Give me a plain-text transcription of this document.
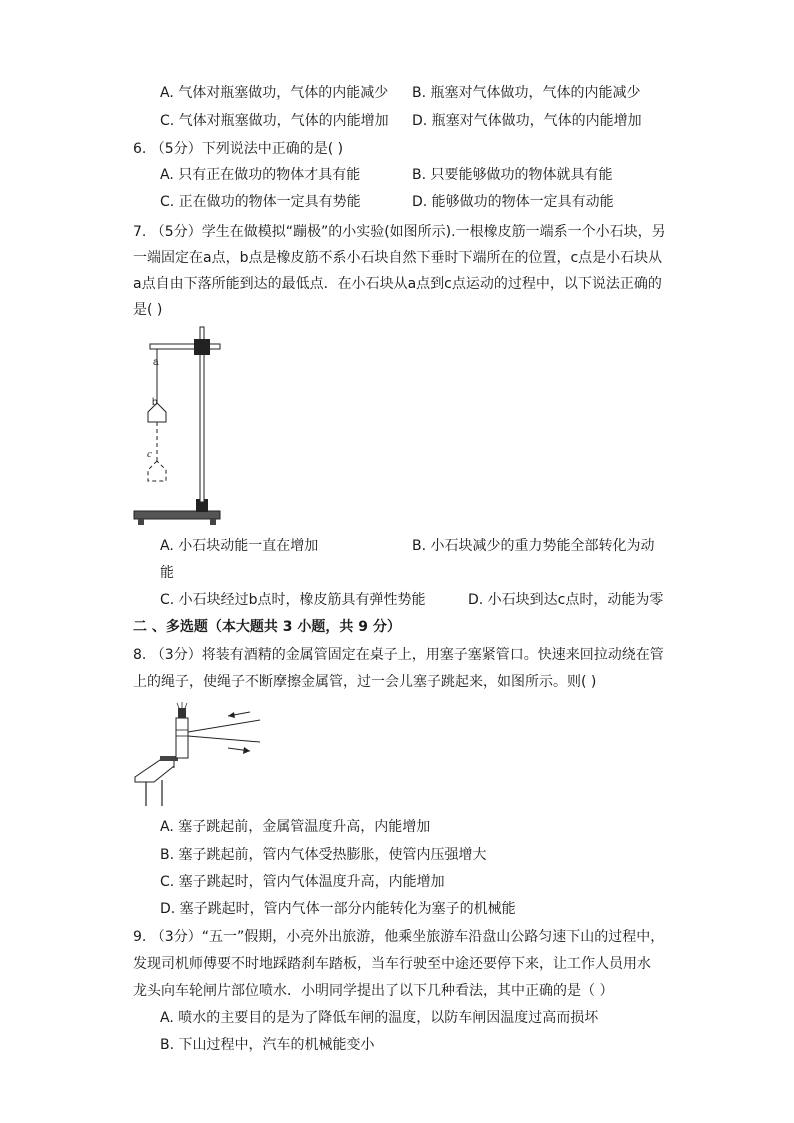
A. 气体对瓶塞做功，气体的内能减少 B. 瓶塞对气体做功，气体的内能减少
C. 气体对瓶塞做功，气体的内能增加 D. 瓶塞对气体做功，气体的内能增加
6. （5分）下列说法中正确的是( )
A. 只有正在做功的物体才具有能	B. 只要能够做功的物体就具有能
C. 正在做功的物体一定具有势能	D. 能够做功的物体一定具有动能
7. （5分）学生在做模拟“蹦极”的小实验(如图所示).一根橡皮筋一端系一个小石块，另
一端固定在a点，b点是橡皮筋不系小石块自然下垂时下端所在的位置，c点是小石块从
a点自由下落所能到达的最低点．在小石块从a点到c点运动的过程中，以下说法正确的
是( )
a
b
c
A. 小石块动能一直在增加	B. 小石块减少的重力势能全部转化为动
能
C. 小石块经过b点时，橡皮筋具有弹性势能	D. 小石块到达c点时，动能为零
二 、多选题（本大题共 3 小题，共 9 分）
8. （3分）将装有酒精的金属管固定在桌子上，用塞子塞紧管口。快速来回拉动绕在管
上的绳子，使绳子不断摩擦金属管，过一会儿塞子跳起来，如图所示。则( )
A. 塞子跳起前，金属管温度升高，内能增加
B. 塞子跳起前，管内气体受热膨胀，使管内压强增大
C. 塞子跳起时，管内气体温度升高，内能增加
D. 塞子跳起时，管内气体一部分内能转化为塞子的机械能
9. （3分）“五一”假期，小亮外出旅游，他乘坐旅游车沿盘山公路匀速下山的过程中，
发现司机师傅要不时地踩踏刹车踏板，当车行驶至中途还要停下来，让工作人员用水
龙头向车轮闸片部位喷水．小明同学提出了以下几种看法，其中正确的是（ ）
A. 喷水的主要目的是为了降低车闸的温度，以防车闸因温度过高而损坏
B. 下山过程中，汽车的机械能变小
